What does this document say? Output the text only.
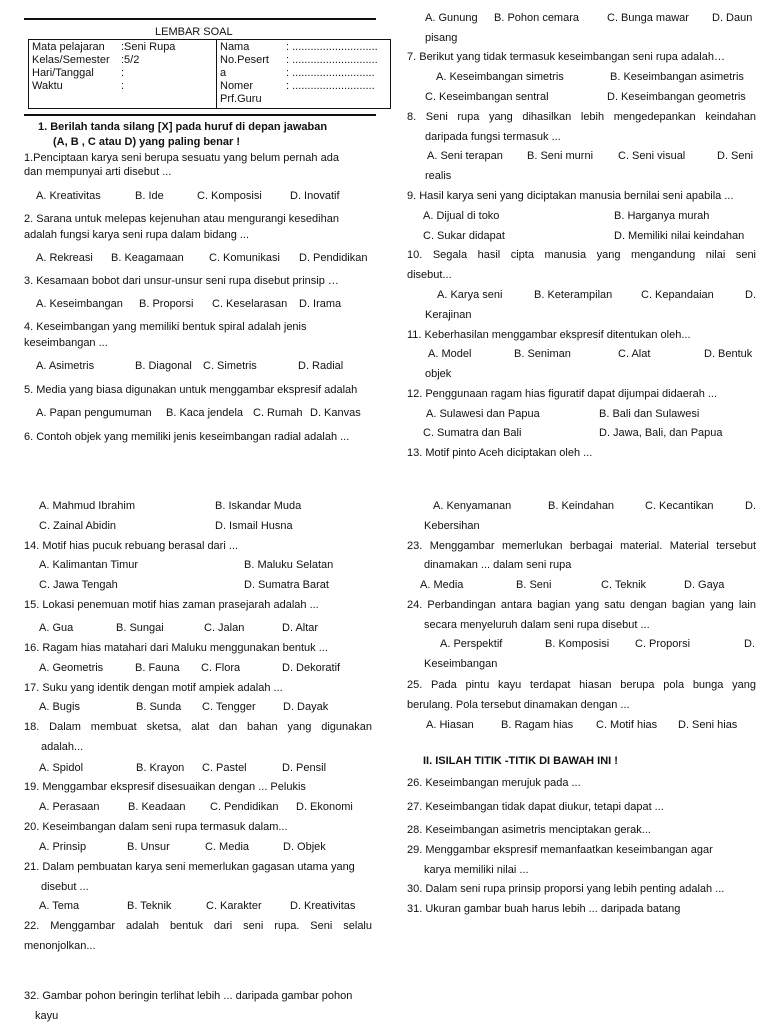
LEMBAR SOAL
Mata pelajaran :Seni Rupa
Kelas/Semester :5/2
Hari/Tanggal :
Waktu	:
Nama	: ............................
No.Pesert : ............................
a	: ...........................
Nomer	: ...........................
Prf.Guru
1. Berilah tanda silang [X] pada huruf di depan jawaban
(A, B , C atau D) yang paling benar !
1.Penciptaan karya seni berupa sesuatu yang belum pernah ada
dan mempunyai arti disebut ...
A. Kreativitas	B. Ide	C. Komposisi	D. Inovatif
2. Sarana untuk melepas kejenuhan atau mengurangi kesedihan
adalah fungsi karya seni rupa dalam bidang ...
A. Rekreasi B. Keagamaan C. Komunikasi D. Pendidikan
3. Kesamaan bobot dari unsur-unsur seni rupa disebut prinsip …
A. Keseimbangan B. Proporsi C. Keselarasan D. Irama
4. Keseimbangan yang memiliki bentuk spiral adalah jenis
keseimbangan ...
A. Asimetris	B. Diagonal C. Simetris	D. Radial
5. Media yang biasa digunakan untuk menggambar ekspresif adalah
A. Papan pengumuman B. Kaca jendela C. Rumah D. Kanvas
6. Contoh objek yang memiliki jenis keseimbangan radial adalah ...
A. Gunung B. Pohon cemara	C. Bunga mawar D. Daun
pisang
7. Berikut yang tidak termasuk keseimbangan seni rupa adalah…
A. Keseimbangan simetris	B. Keseimbangan asimetris
C. Keseimbangan sentral	D. Keseimbangan geometris
8. Seni rupa yang dihasilkan lebih mengedepankan keindahan
daripada fungsi termasuk ...
A. Seni terapan B. Seni murni C. Seni visual	D. Seni
realis
9. Hasil karya seni yang diciptakan manusia bernilai seni apabila ...
A. Dijual di toko	B. Harganya murah
C. Sukar didapat	D. Memiliki nilai keindahan
10. Segala hasil cipta manusia yang mengandung nilai seni
disebut...
A. Karya seni	B. Keterampilan	C. Kepandaian	D.
Kerajinan
11. Keberhasilan menggambar ekspresif ditentukan oleh...
A. Model	B. Seniman	C. Alat	D. Bentuk
objek
12. Penggunaan ragam hias figuratif dapat dijumpai didaerah ...
A. Sulawesi dan Papua	B. Bali dan Sulawesi
C. Sumatra dan Bali	D. Jawa, Bali, dan Papua
13. Motif pinto Aceh diciptakan oleh ...
A. Mahmud Ibrahim	B. Iskandar Muda
C. Zainal Abidin	D. Ismail Husna
14. Motif hias pucuk rebuang berasal dari ...
A. Kalimantan Timur	B. Maluku Selatan
C. Jawa Tengah	D. Sumatra Barat
15. Lokasi penemuan motif hias zaman prasejarah adalah ...
A. Gua	B. Sungai	C. Jalan	D. Altar
16. Ragam hias matahari dari Maluku menggunakan bentuk ...
A. Geometris	B. Fauna C. Flora	D. Dekoratif
17. Suku yang identik dengan motif ampiek adalah ...
A. Bugis	B. Sunda C. Tengger D. Dayak
18. Dalam membuat sketsa, alat dan bahan yang digunakan
adalah...
A. Spidol	B. Krayon C. Pastel	D. Pensil
19. Menggambar ekspresif disesuaikan dengan ... Pelukis
A. Perasaan	B. Keadaan C. Pendidikan D. Ekonomi
20. Keseimbangan dalam seni rupa termasuk dalam...
A. Prinsip	B. Unsur	C. Media	D. Objek
21. Dalam pembuatan karya seni memerlukan gagasan utama yang
disebut ...
A. Tema	B. Teknik	C. Karakter	D. Kreativitas
22. Menggambar adalah bentuk dari seni rupa. Seni selalu
menonjolkan...
32. Gambar pohon beringin terlihat lebih ... daripada gambar pohon
kayu
A. Kenyamanan	B. Keindahan	C. Kecantikan	D.
Kebersihan
23. Menggambar memerlukan berbagai material. Material tersebut
dinamakan ... dalam seni rupa
A. Media	B. Seni	C. Teknik	D. Gaya
24. Perbandingan antara bagian yang satu dengan bagian yang lain
secara menyeluruh dalam seni rupa disebut ...
A. Perspektif	B. Komposisi C. Proporsi	D.
Keseimbangan
25. Pada pintu kayu terdapat hiasan berupa pola bunga yang
berulang. Pola tersebut dinamakan dengan ...
A. Hiasan B. Ragam hias C. Motif hias D. Seni hias
II. ISILAH TITIK -TITIK DI BAWAH INI !
26. Keseimbangan merujuk pada ...
27. Keseimbangan tidak dapat diukur, tetapi dapat ...
28. Keseimbangan asimetris menciptakan gerak...
29. Menggambar ekspresif memanfaatkan keseimbangan agar
karya memiliki nilai ...
30. Dalam seni rupa prinsip proporsi yang lebih penting adalah ...
31. Ukuran gambar buah harus lebih ... daripada batang
